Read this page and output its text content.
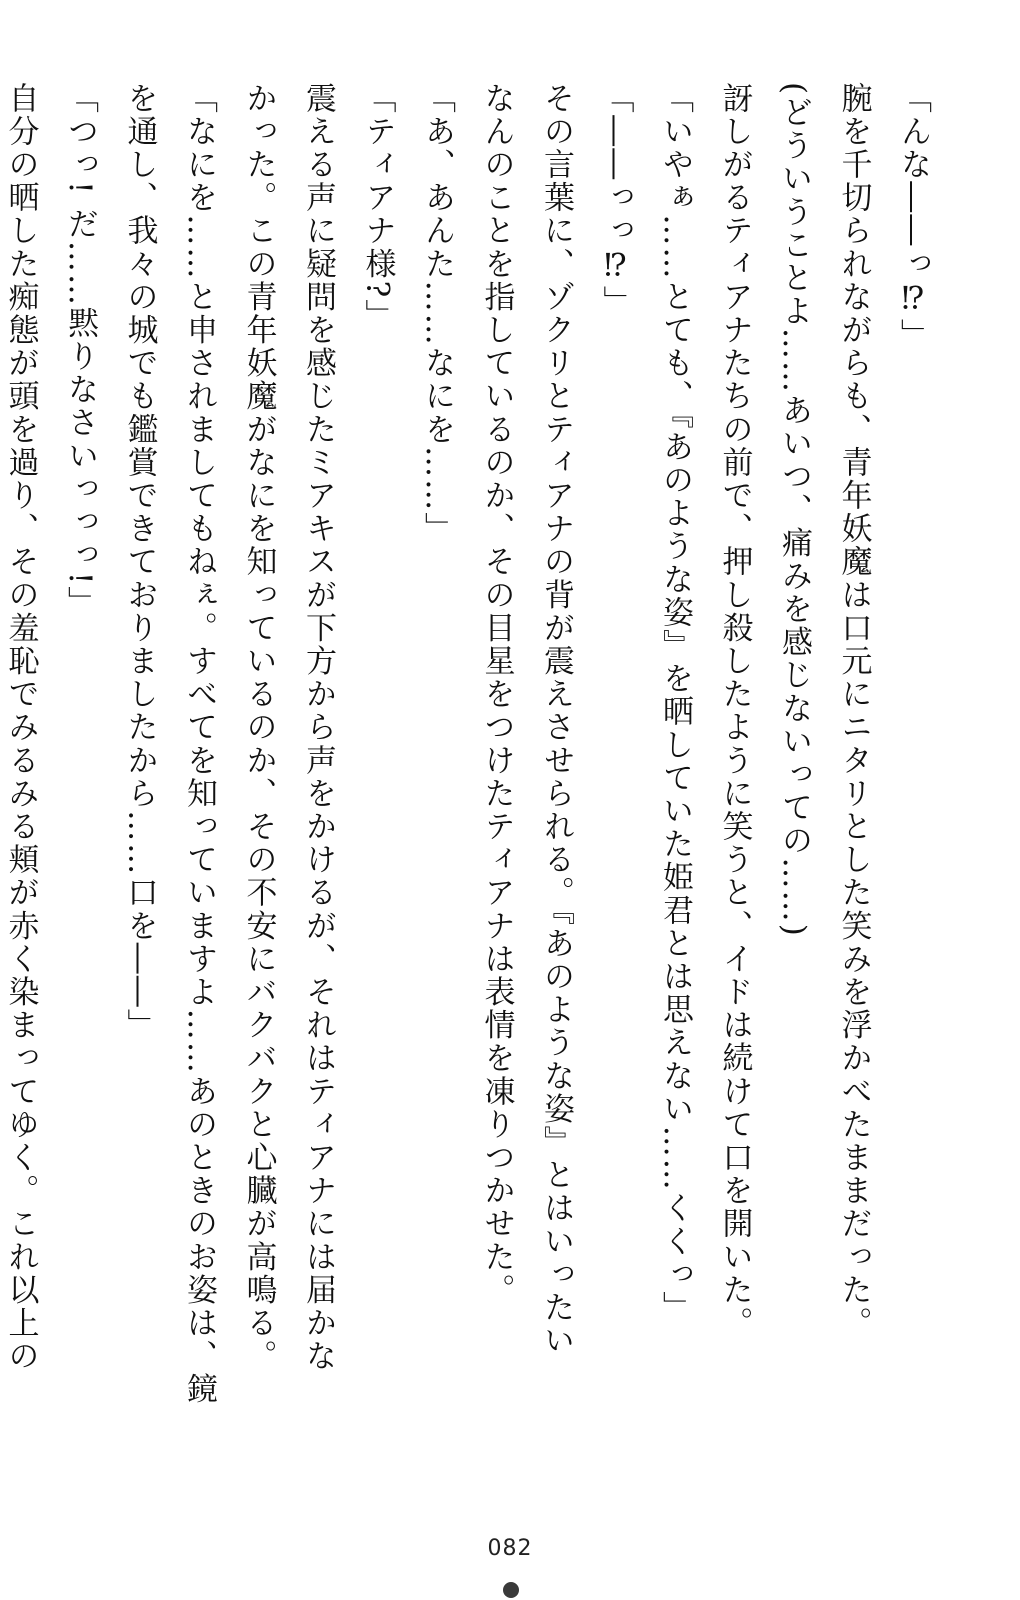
「んな――っ⁉」

腕を千切られながらも、青年妖魔は口元にニタリとした笑みを浮かべたままだった。

(どういうことよ……あいつ、痛みを感じないっての……)

訝しがるティアナたちの前で、押し殺したように笑うと、イドは続けて口を開いた。

「いやぁ……とても、『あのような姿』を晒していた姫君とは思えない……くくっ」

「――っっ⁉」

その言葉に、ゾクリとティアナの背が震えさせられる。『あのような姿』とはいったい

なんのことを指しているのか、その目星をつけたティアナは表情を凍りつかせた。

「あ、あんた……なにを……」

「ティアナ様?」

震える声に疑問を感じたミアキスが下方から声をかけるが、それはティアナには届かな

かった。この青年妖魔がなにを知っているのか、その不安にバクバクと心臓が高鳴る。

「なにを……と申されましてもねぇ。すべてを知っていますよ……あのときのお姿は、鏡

を通し、我々の城でも鑑賞できておりましたから……口を――」

「つっ! だ……黙りなさいっっっ!」

自分の晒した痴態が頭を過り、その羞恥でみるみる頬が赤く染まってゆく。これ以上の

082
